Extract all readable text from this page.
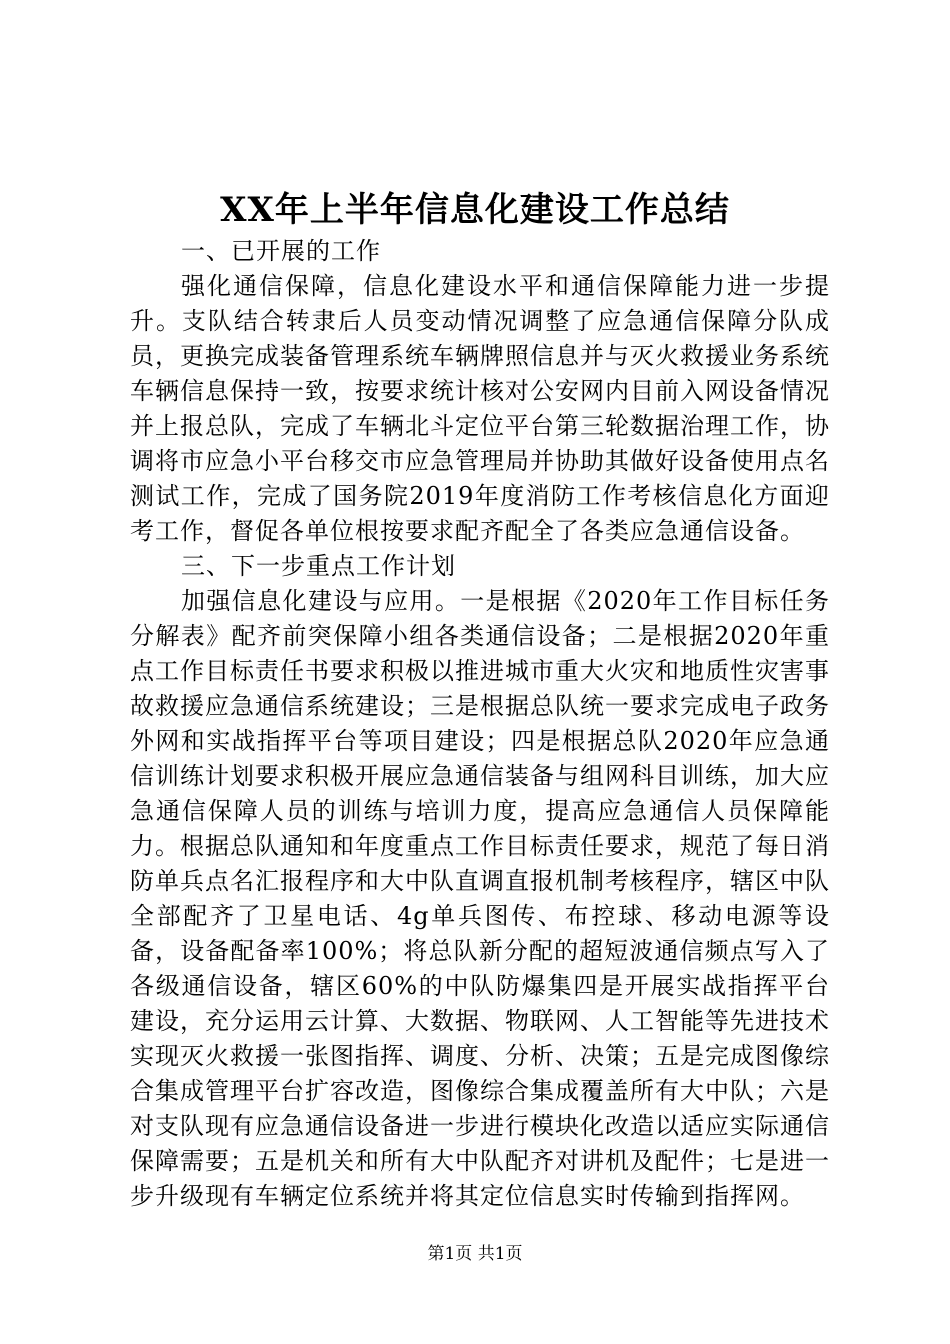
XX年上半年信息化建设工作总结

一、已开展的工作

强化通信保障，信息化建设水平和通信保障能力进一步提升。支队结合转隶后人员变动情况调整了应急通信保障分队成员，更换完成装备管理系统车辆牌照信息并与灭火救援业务系统车辆信息保持一致，按要求统计核对公安网内目前入网设备情况并上报总队，完成了车辆北斗定位平台第三轮数据治理工作，协调将市应急小平台移交市应急管理局并协助其做好设备使用点名测试工作，完成了国务院2019年度消防工作考核信息化方面迎考工作，督促各单位根按要求配齐配全了各类应急通信设备。

三、下一步重点工作计划

加强信息化建设与应用。一是根据《2020年工作目标任务分解表》配齐前突保障小组各类通信设备；二是根据2020年重点工作目标责任书要求积极以推进城市重大火灾和地质性灾害事故救援应急通信系统建设；三是根据总队统一要求完成电子政务外网和实战指挥平台等项目建设；四是根据总队2020年应急通信训练计划要求积极开展应急通信装备与组网科目训练，加大应急通信保障人员的训练与培训力度，提高应急通信人员保障能力。根据总队通知和年度重点工作目标责任要求，规范了每日消防单兵点名汇报程序和大中队直调直报机制考核程序，辖区中队全部配齐了卫星电话、4g单兵图传、布控球、移动电源等设备，设备配备率100%；将总队新分配的超短波通信频点写入了各级通信设备，辖区60%的中队防爆集四是开展实战指挥平台建设，充分运用云计算、大数据、物联网、人工智能等先进技术实现灭火救援一张图指挥、调度、分析、决策；五是完成图像综合集成管理平台扩容改造，图像综合集成覆盖所有大中队；六是对支队现有应急通信设备进一步进行模块化改造以适应实际通信保障需要；五是机关和所有大中队配齐对讲机及配件；七是进一步升级现有车辆定位系统并将其定位信息实时传输到指挥网。

第1页 共1页
